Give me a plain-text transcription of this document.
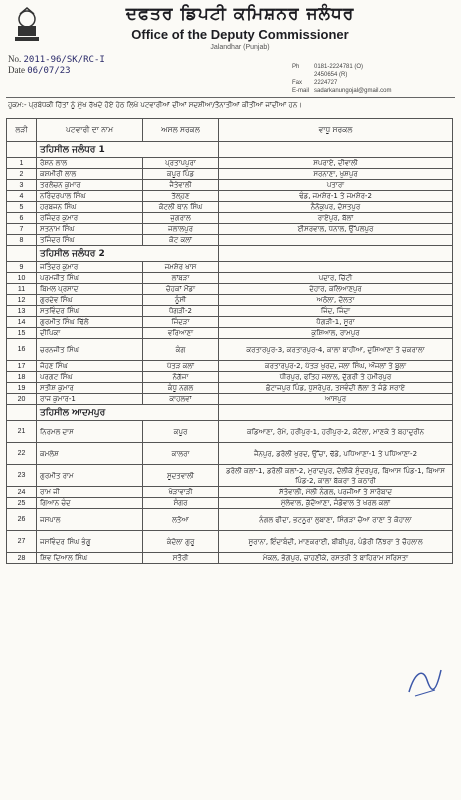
ਦਫਤਰ ਡਿਪਟੀ ਕਮਿਸ਼ਨਰ ਜਲੰਧਰ
Office of the Deputy Commissioner
Jalandhar (Punjab)
No. 2011-96/SK/RC-I
Date 06/07/23	Ph 0181-2224781 (O)
2450654 (R)
Fax 2224727
E-mail sadarkanungojal@gmail.com
ਹੁਕਮ:- ਪ੍ਰਬੰਧਕੀ ਹਿੱਤਾਂ ਨੂੰ ਮੁੱਖ ਰੱਖਦੇ ਹੋਏ ਹੇਠ ਲਿਖੇ ਪਟਵਾਰੀਆਂ ਦੀਆਂ ਸਦਸ਼ੀਆ/ਤੈਨਾਤੀਆਂ ਕੀਤੀਆਂ ਜਾਂਦੀਆਂ ਹਨ।
ਲੜੀ	ਪਟਵਾਰੀ ਦਾ ਨਾਮ	ਅਸਲ ਸਰਕਲ	ਵਾਧੂ ਸਰਕਲ
	ਤਹਿਸੀਲ ਜਲੰਧਰ 1		
1	ਰੋਸ਼ਨ ਲਾਲ	ਪ੍ਰਤਾਪਪੁਰਾ	ਸਪਰਾਏ, ਦੀਵਾਲੀ
2	ਕਸ਼ਮੀਰੀ ਲਾਲ	ਕਪੂਰ ਪਿੰਡ	ਸਰਨਾਣਾ, ਖੁਸ਼ਪੁਰ
3	ਤਰਲੋਚਨ ਕੁਮਾਰ	ਜੈਤੇਵਾਲੀ	ਪਤਾਰਾ
4	ਨਰਿੰਦਰਪਾਲ ਸਿੰਘ	ਤੱਲ੍ਹਣ	ਢੰਡ, ਜਮਸ਼ੇਰ-1 ਤੇ ਜਮਸ਼ੇਰ-2
5	ਹਰਬਜਨ ਸਿੰਘ	ਕੋਟਲੀ ਥਾਨ ਸਿੰਘ	ਨੈਨੋਕੁਪਰ, ਦੋਸਤਪੁਰ
6	ਰਜਿੰਦਰ ਕੁਮਾਰ	ਜੁਗਰਾਲ	ਰਾਏਪੁਰ, ਬੱਲਾਂ
7	ਸਤਨਾਮ ਸਿੰਘ	ਜਲਾਲਪੁਰ	ਈਸਰਵਾਲ, ਧਨਾਲ, ਉੱਪਲਪੁਰ
8	ਤਜਿੰਦਰ ਸਿੰਘ	ਕੋਟ ਕਲਾਂ	
	ਤਹਿਸੀਲ ਜਲੰਧਰ 2		
9	ਜਤਿੰਦਰ ਕੁਮਾਰ	ਜਮਸ਼ੇਰ ਖਾਸ	
10	ਪਰਮਜੀਤ ਸਿੰਘ	ਲਾਂਬੜਾ	ਪਦਾਰ, ਚਿੱਟੀ
11	ਬਿਮਲ ਪ੍ਰਸਾਦ	ਚੋਹਕਾਂ ਮੌਂਡਾ	ਦੇਹਾਰ, ਕਲਿਆਣਪੁਰ
12	ਗੁਰਦੇਵ ਸਿੰਘ	ਨੂੰਸੀ	ਅਠੋਲਾ, ਦੋਲਤਾ
13	ਸਤਵਿੰਦਰ ਸਿੰਘ	ਧੋਗੜੀ-2	ਜਿੰਦ, ਜਿੰਦਾ
14	ਗੁਰਮੀਤ ਸਿੰਘ ਢਿੱਲੋਂ	ਜਿੰਦੜਾ	ਧੋਗੜੀ-1, ਸੂਰਾ
15	ਦੀਪਿਕਾ	ਵਰਿਆਣਾ	ਕੁਸ਼ਿਆਲ, ਰਾਮਪੁਰ
16	ਚਰਨਜੀਤ ਸਿੰਘ	ਕੰਗ	ਕਰਤਾਰਪੁਰ-3, ਕਰਤਾਰਪੁਰ-4, ਕਾਲਾ ਬਾਹੀਆ, ਦੁਸਿਆਣਾ ਤੇ ਚਕਰਾਲਾ
17	ਜੋਹਣ ਸਿੰਘ	ਪੱਤੜ ਕਲਾਂ	ਕਰਤਾਰਪੁਰ-2, ਪੱਤੜ ਖੁਰਦ, ਜਲਾ ਸਿੰਘ, ਔਜਲਾਂ ਤੇ ਬੂਲਾ
18	ਪਰਗਟ ਸਿੰਘ	ਨੋਗੱਜਾ	ਧੀਰਪੁਰ, ਫਤਿਹ ਜਲਾਲ, ਦੁੱਗਰੀ ਤੇ ਹਮੀਰਪੁਰ
19	ਸਤੀਸ਼ ਕੁਮਾਰ	ਕੰਧੂ ਨਗਲ	ਛੋਟਾਜਪੁਰ ਪਿੰਡ, ਧੁਸਰੇਪੁਰ, ਤਸਵੰਦੀ ਲੱਲਾ ਤੇ ਜੰਡੇ ਸਰਾਏ
20	ਰਾਜ ਕੁਮਾਰ-1	ਕਾਹਲਵਾਂ	ਆਸਪੁਰ
	ਤਹਿਸੀਲ ਆਦਮਪੁਰ		
21	ਨਿਰਮਲ ਦਾਸ	ਕਪੂਰ	ਕਡਿਆਣਾ, ਰੋਮੇ, ਹਰੀਪੁਰ-1, ਹਰੀਪੁਰ-2, ਕੋਟੋਲਾ, ਮਾਣਕੇ ਤੇ ਬਹਾਦੁਰੀਨ
22	ਕਮਲੇਸ਼	ਕਾਲਰਾ	ਜੈਨਪੁਰ, ਡਰੋਲੀ ਖੁਰਦ, ਉੱਚਾ, ਢੱਡੇ, ਪਧਿਆਣਾ-1 ਤੇ ਪਧਿਆਣਾ-2
23	ਗੁਰਮੀਤ ਰਾਮ	ਸੂਦਤਵਾਲੀ	ਡਰੋਲੀ ਕਲਾਂ-1, ਡਰੋਲੀ ਕਲਾਂ-2, ਮੁਰਾਦਪੁਰ, ਦੋਲੀਕੇ ਸੁੰਦਰਪੁਰ, ਬਿਆਸ ਪਿੰਡ-1, ਬਿਆਸ ਪਿੰਡ-2, ਕਾਲਾ ਬੱਕਰਾ ਤੇ ਕਠਾਰੀ
24	ਰਾਮ ਜੀ	ਖੋੜਾਵਾੜੀ	ਸੱਤੋਵਾਲੀ, ਮੱਲੀ ਨੰਗਲ, ਪਰਜੀਆਂ ਤੇ ਸਾਰੋਬਾਦ
25	ਗਿਆਨ ਚੰਦ	ਸੰਗਰ	ਮੁੱਲੇਵਾਲ, ਕੁੱਦੋਆਣਾ, ਜੰਡੋਵਾਲ ਤੇ ਖਰਲ ਕਲਾਂ
26	ਜਸਪਾਲ	ਲਤੋਆ	ਨੰਗਲ ਫੀਦਾ, ਭਟਨੂਰਾ ਲੁਬਾਣਾ, ਸਿੰਗੜਾ ਚੋਆ ਰਾਣਾ ਤੇ ਕੋਹਾਲਾ
27	ਜਸਵਿੰਦਰ ਸਿੰਘ ਭੰਗੂ	ਕੰਦੋਲਾ ਗੁਰੂ	ਸੂਰਾਨਾ, ਇੰਦਾਬੰਦੀ, ਮਾਣਕਰਾਈ, ਬੀਬੀਪੁਰ, ਪੰਡੋਰੀ ਨਿੱਝਰਾ ਤੇ ਚੌਹਲਾਲ
28	ਸ਼ਿਵ ਦਿਆਲ ਸਿੰਘ	ਸਤੌਰੀ	ਮੇਕਲ, ਭੋਗਪੁਰ, ਚਾਹਣੀਕੇ, ਰਸਤਰੀ ਤੇ ਬਾਹਿਰਾਮ ਸਰਿਸਤਾ
